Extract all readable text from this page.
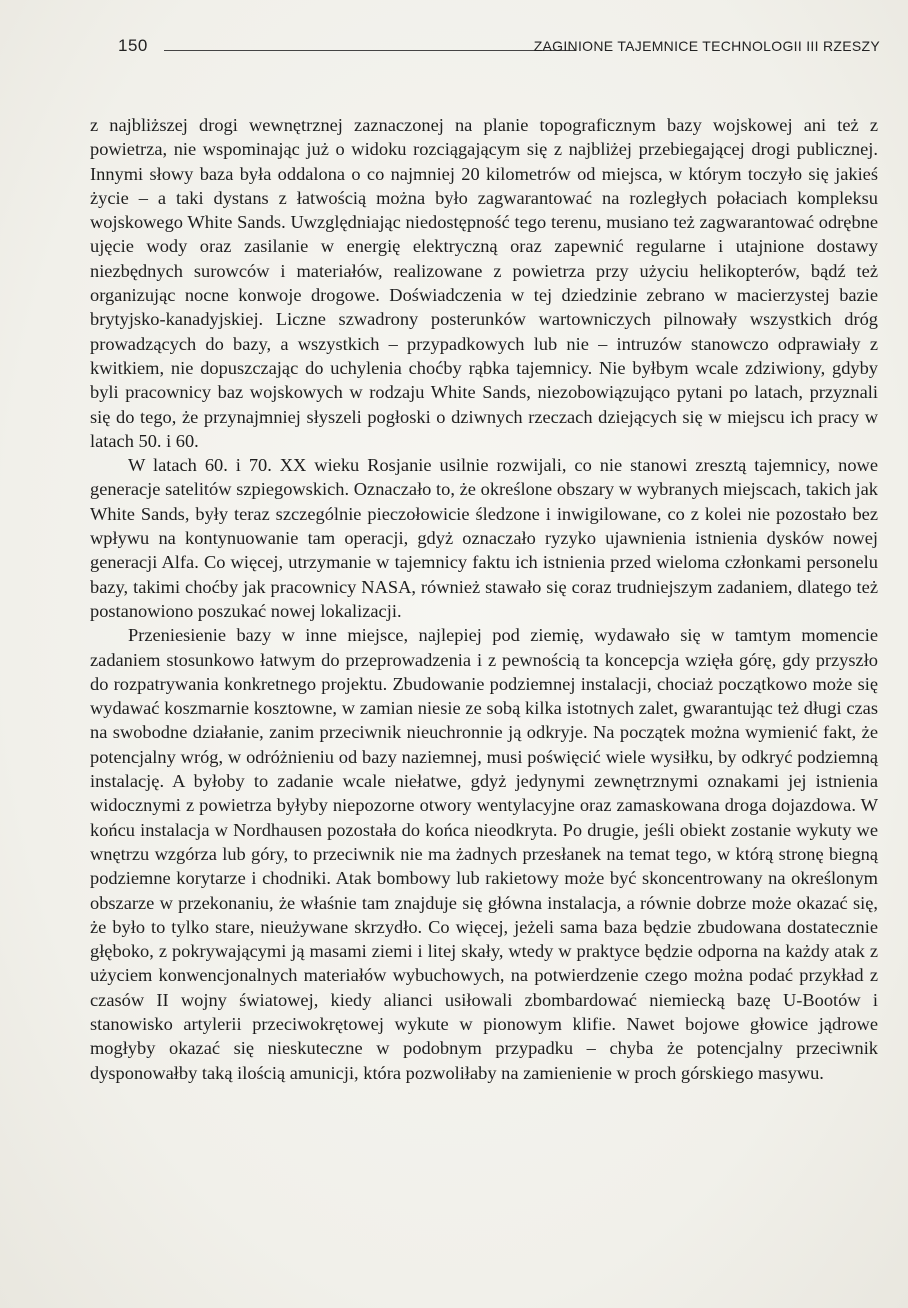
150	ZAGINIONE TAJEMNICE TECHNOLOGII III RZESZY

z najbliższej drogi wewnętrznej zaznaczonej na planie topograficznym bazy wojskowej ani też z powietrza, nie wspominając już o widoku rozciągającym się z najbliżej przebiegającej drogi publicznej. Innymi słowy baza była oddalona o co najmniej 20 kilometrów od miejsca, w którym toczyło się jakieś życie – a taki dystans z łatwością można było zagwarantować na rozległych połaciach kompleksu wojskowego White Sands. Uwzględniając niedostępność tego terenu, musiano też zagwarantować odrębne ujęcie wody oraz zasilanie w energię elektryczną oraz zapewnić regularne i utajnione dostawy niezbędnych surowców i materiałów, realizowane z powietrza przy użyciu helikopterów, bądź też organizując nocne konwoje drogowe. Doświadczenia w tej dziedzinie zebrano w macierzystej bazie brytyjsko-kanadyjskiej. Liczne szwadrony posterunków wartowniczych pilnowały wszystkich dróg prowadzących do bazy, a wszystkich – przypadkowych lub nie – intruzów stanowczo odprawiały z kwitkiem, nie dopuszczając do uchylenia choćby rąbka tajemnicy. Nie byłbym wcale zdziwiony, gdyby byli pracownicy baz wojskowych w rodzaju White Sands, niezobowiązująco pytani po latach, przyznali się do tego, że przynajmniej słyszeli pogłoski o dziwnych rzeczach dziejących się w miejscu ich pracy w latach 50. i 60.

W latach 60. i 70. XX wieku Rosjanie usilnie rozwijali, co nie stanowi zresztą tajemnicy, nowe generacje satelitów szpiegowskich. Oznaczało to, że określone obszary w wybranych miejscach, takich jak White Sands, były teraz szczególnie pieczołowicie śledzone i inwigilowane, co z kolei nie pozostało bez wpływu na kontynuowanie tam operacji, gdyż oznaczało ryzyko ujawnienia istnienia dysków nowej generacji Alfa. Co więcej, utrzymanie w tajemnicy faktu ich istnienia przed wieloma członkami personelu bazy, takimi choćby jak pracownicy NASA, również stawało się coraz trudniejszym zadaniem, dlatego też postanowiono poszukać nowej lokalizacji.

Przeniesienie bazy w inne miejsce, najlepiej pod ziemię, wydawało się w tamtym momencie zadaniem stosunkowo łatwym do przeprowadzenia i z pewnością ta koncepcja wzięła górę, gdy przyszło do rozpatrywania konkretnego projektu. Zbudowanie podziemnej instalacji, chociaż początkowo może się wydawać koszmarnie kosztowne, w zamian niesie ze sobą kilka istotnych zalet, gwarantując też długi czas na swobodne działanie, zanim przeciwnik nieuchronnie ją odkryje. Na początek można wymienić fakt, że potencjalny wróg, w odróżnieniu od bazy naziemnej, musi poświęcić wiele wysiłku, by odkryć podziemną instalację. A byłoby to zadanie wcale niełatwe, gdyż jedynymi zewnętrznymi oznakami jej istnienia widocznymi z powietrza byłyby niepozorne otwory wentylacyjne oraz zamaskowana droga dojazdowa. W końcu instalacja w Nordhausen pozostała do końca nieodkryta. Po drugie, jeśli obiekt zostanie wykuty we wnętrzu wzgórza lub góry, to przeciwnik nie ma żadnych przesłanek na temat tego, w którą stronę biegną podziemne korytarze i chodniki. Atak bombowy lub rakietowy może być skoncentrowany na określonym obszarze w przekonaniu, że właśnie tam znajduje się główna instalacja, a równie dobrze może okazać się, że było to tylko stare, nieużywane skrzydło. Co więcej, jeżeli sama baza będzie zbudowana dostatecznie głęboko, z pokrywającymi ją masami ziemi i litej skały, wtedy w praktyce będzie odporna na każdy atak z użyciem konwencjonalnych materiałów wybuchowych, na potwierdzenie czego można podać przykład z czasów II wojny światowej, kiedy alianci usiłowali zbombardować niemiecką bazę U-Bootów i stanowisko artylerii przeciwokrętowej wykute w pionowym klifie. Nawet bojowe głowice jądrowe mogłyby okazać się nieskuteczne w podobnym przypadku – chyba że potencjalny przeciwnik dysponowałby taką ilością amunicji, która pozwoliłaby na zamienienie w proch górskiego masywu.
